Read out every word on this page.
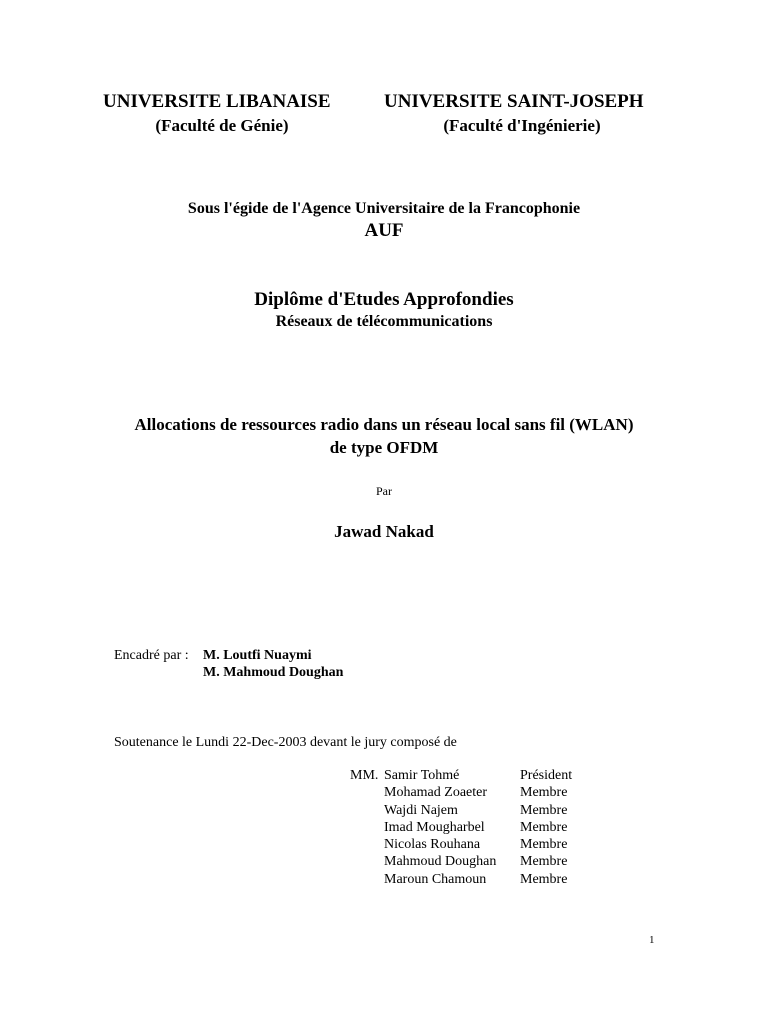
UNIVERSITE LIBANAISE
(Faculté de Génie)
UNIVERSITE SAINT-JOSEPH
(Faculté d'Ingénierie)
Sous l'égide de l'Agence Universitaire de la Francophonie
AUF
Diplôme d'Etudes Approfondies
Réseaux de télécommunications
Allocations de ressources radio dans un réseau local sans fil (WLAN)
de type OFDM
Par
Jawad Nakad
Encadré par : M. Loutfi Nuaymi
M. Mahmoud Doughan
Soutenance le Lundi 22-Dec-2003 devant le jury composé de
MM. Samir Tohmé	Président
Mohamad Zoaeter Membre
Wajdi Najem	Membre
Imad Mougharbel	Membre
Nicolas Rouhana	Membre
Mahmoud Doughan Membre
Maroun Chamoun Membre
1
